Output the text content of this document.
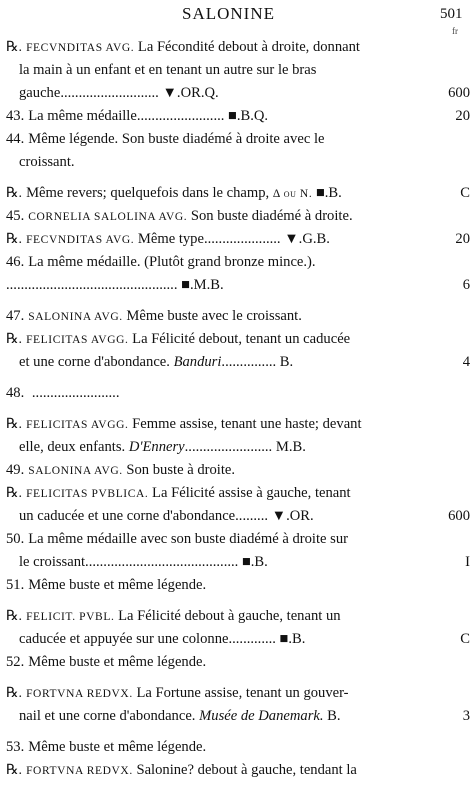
SALONINE	501
fr
℞. FECVNDITAS AVG. La Fécondité debout à droite, donnant
la main à un enfant et en tenant un autre sur le bras
gauche........................... ▼.OR.Q.	600
43. La même médaille........................ ■.B.Q.	20
44. Même légende. Son buste diadémé à droite avec le
croissant.
℞. Même revers; quelquefois dans le champ, Δ ou N. ■.B.	C
45. CORNELIA SALOLINA AVG. Son buste diadémé à droite.
℞. FECVNDITAS AVG. Même type..................... ▼.G.B.	20
46. La même médaille. (Plutôt grand bronze mince.).
............................................... ■.M.B.	6
47. SALONINA AVG. Même buste avec le croissant.
℞. FELICITAS AVGG. La Félicité debout, tenant un caducée
et une corne d'abondance. Banduri............... B.	4
48. ........................
℞. FELICITAS AVGG. Femme assise, tenant une haste; devant
elle, deux enfants. D'Ennery........................ M.B.
49. SALONINA AVG. Son buste à droite.
℞. FELICITAS PVBLICA. La Félicité assise à gauche, tenant
un caducée et une corne d'abondance......... ▼.OR.	600
50. La même médaille avec son buste diadémé à droite sur
le croissant.......................................... ■.B.	I
51. Même buste et même légende.
℞. FELICIT. PVBL. La Félicité debout à gauche, tenant un
caducée et appuyée sur une colonne............. ■.B.	C
52. Même buste et même légende.
℞. FORTVNA REDVX. La Fortune assise, tenant un gouver-
nail et une corne d'abondance. Musée de Danemark. B.	3
53. Même buste et même légende.
℞. FORTVNA REDVX. Salonine? debout à gauche, tendant la
